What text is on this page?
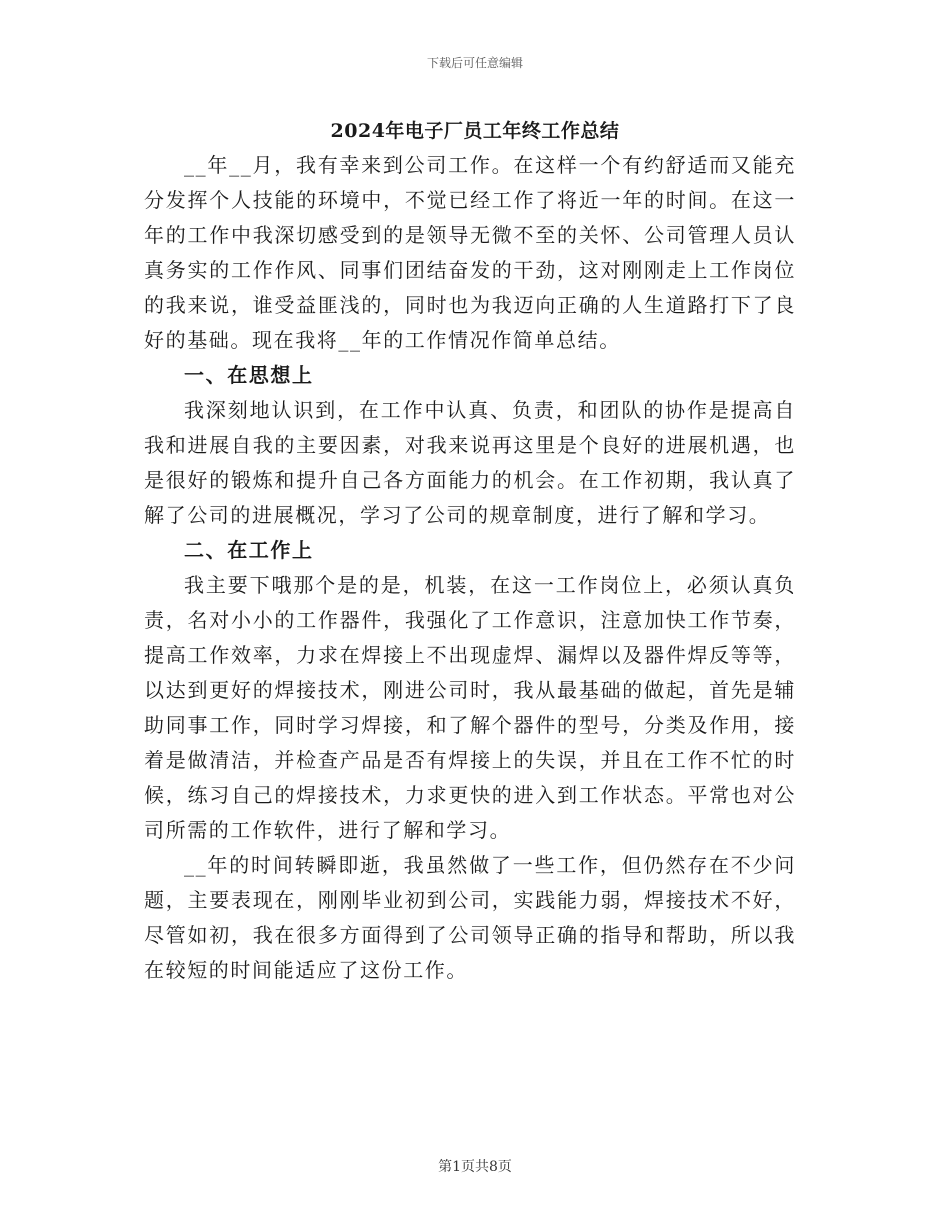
下载后可任意编辑
2024年电子厂员工年终工作总结

__年__月，我有幸来到公司工作。在这样一个有约舒适而又能充分发挥个人技能的环境中，不觉已经工作了将近一年的时间。在这一年的工作中我深切感受到的是领导无微不至的关怀、公司管理人员认真务实的工作作风、同事们团结奋发的干劲，这对刚刚走上工作岗位的我来说，谁受益匪浅的，同时也为我迈向正确的人生道路打下了良好的基础。现在我将__年的工作情况作简单总结。

一、在思想上

我深刻地认识到，在工作中认真、负责，和团队的协作是提高自我和进展自我的主要因素，对我来说再这里是个良好的进展机遇，也是很好的锻炼和提升自己各方面能力的机会。在工作初期，我认真了解了公司的进展概况，学习了公司的规章制度，进行了解和学习。

二、在工作上

我主要下哦那个是的是，机装，在这一工作岗位上，必须认真负责，名对小小的工作器件，我强化了工作意识，注意加快工作节奏，提高工作效率，力求在焊接上不出现虚焊、漏焊以及器件焊反等等，以达到更好的焊接技术，刚进公司时，我从最基础的做起，首先是辅助同事工作，同时学习焊接，和了解个器件的型号，分类及作用，接着是做清洁，并检查产品是否有焊接上的失误，并且在工作不忙的时候，练习自己的焊接技术，力求更快的进入到工作状态。平常也对公司所需的工作软件，进行了解和学习。

__年的时间转瞬即逝，我虽然做了一些工作，但仍然存在不少问题，主要表现在，刚刚毕业初到公司，实践能力弱，焊接技术不好，尽管如初，我在很多方面得到了公司领导正确的指导和帮助，所以我在较短的时间能适应了这份工作。

第1页共8页
